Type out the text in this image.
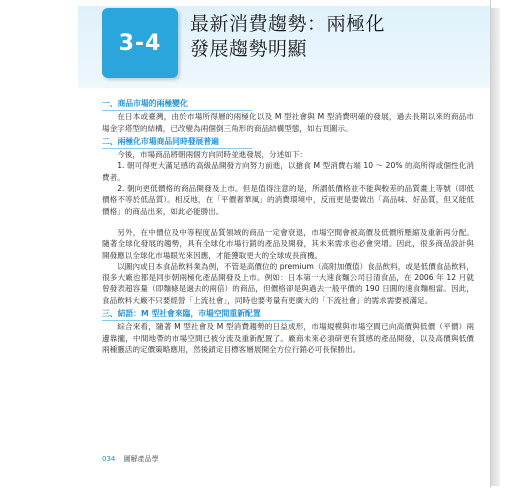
3-4
最新消費趨勢：兩極化
發展趨勢明顯
一、商品市場的兩極變化

在日本或臺灣，由於市場所得層的兩極化以及 M 型社會與 M 型消費明確的發展，過去長期以來的商品市場金字塔型的結構，已改變為兩個倒三角形的商品結構型態，如右頁圖示。

二、兩極化市場商品同時發展普遍

今後，市場商品將朝兩個方向同時並進發展，分述如下：

1. 朝可得更大滿足感的高級品開發方向努力前進，以搶食 M 型消費右端 10 ～ 20% 的高所得或個性化消費者。

2. 朝向更低價格的商品開發及上市。但是值得注意的是，所謂低價格並不能與較差的品質畫上等號（即低價格不等於低品質）。相反地，在「平價奢華風」的消費環境中，反而更是要做出「高品味、好品質，但又能低價格」的商品出來，如此必能勝出。

另外，在中價位及中等程度品質領域的商品一定會衰退，市場空間會被高價及低價所壓縮及重新再分配。隨著全球化發展的趨勢，具有全球化市場行銷的產品及開發，其未來需求也必會突增。因此，很多商品設計與開發應以全球化市場眼光來因應，才能獲取更大的全球成長商機。

以圖內或日本食品飲料業為例，不管是高價位的 premium（高附加價值）食品飲料，或是低價食品飲料，很多大廠也都是同步朝兩極化產品開發及上市。例如：日本第一大速食麵公司日清食品，在 2006 年 12 月就曾發表超容量（即麵條是過去的兩倍）的商品，但價格卻是與過去一般平價的 190 日圓的速食麵相當。因此，食品飲料大廠不只要經營「上流社會」，同時也要考量有更廣大的「下流社會」的需求需要被滿足。

三、結語：M 型社會來臨，市場空間重新配置

綜合來看，隨著 M 型社會及 M 型消費趨勢的日益成形，市場規模與市場空間已向高價與低價（平價）兩邊靠攏，中間地帶的市場空間已被分流及重新配置了。廠商未來必須研更有質感的產品開發，以及高價與低價兩種靈活的定價策略應用，然後鎖定目標客層展開全方位行銷必可長保勝出。

034 圖解產品學
